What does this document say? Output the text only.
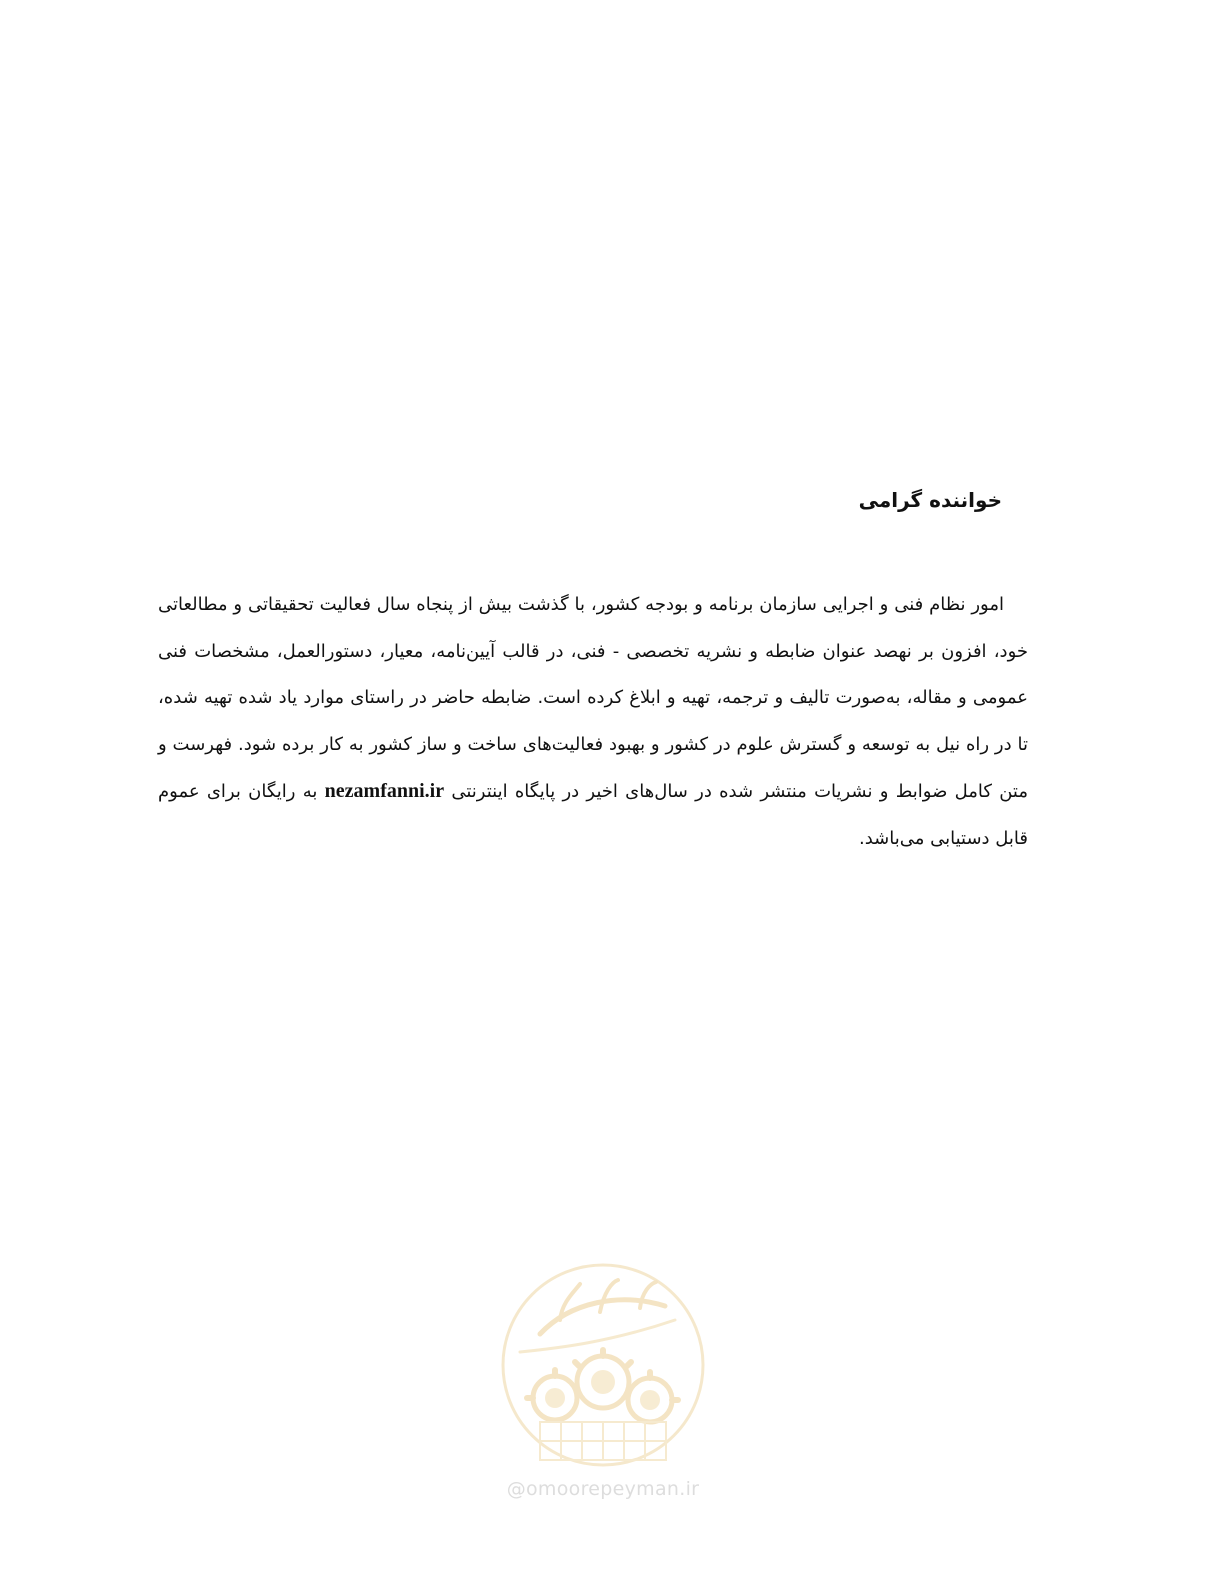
خواننده گرامی

امور نظام فنی و اجرایی سازمان برنامه و بودجه کشور، با گذشت بیش از پنجاه سال فعالیت تحقیقاتی و مطالعاتی خود، افزون بر نهصد عنوان ضابطه و نشریه تخصصی - فنی، در قالب آیین‌نامه، معیار، دستورالعمل، مشخصات فنی عمومی و مقاله، به‌صورت تالیف و ترجمه، تهیه و ابلاغ کرده است. ضابطه حاضر در راستای موارد یاد شده تهیه شده، تا در راه نیل به توسعه و گسترش علوم در کشور و بهبود فعالیت‌های ساخت و ساز کشور به کار برده شود. فهرست و متن کامل ضوابط و نشریات منتشر شده در سال‌های اخیر در پایگاه اینترنتی nezamfanni.ir به رایگان برای عموم قابل دستیابی می‌باشد.

@omoorepeyman.ir
